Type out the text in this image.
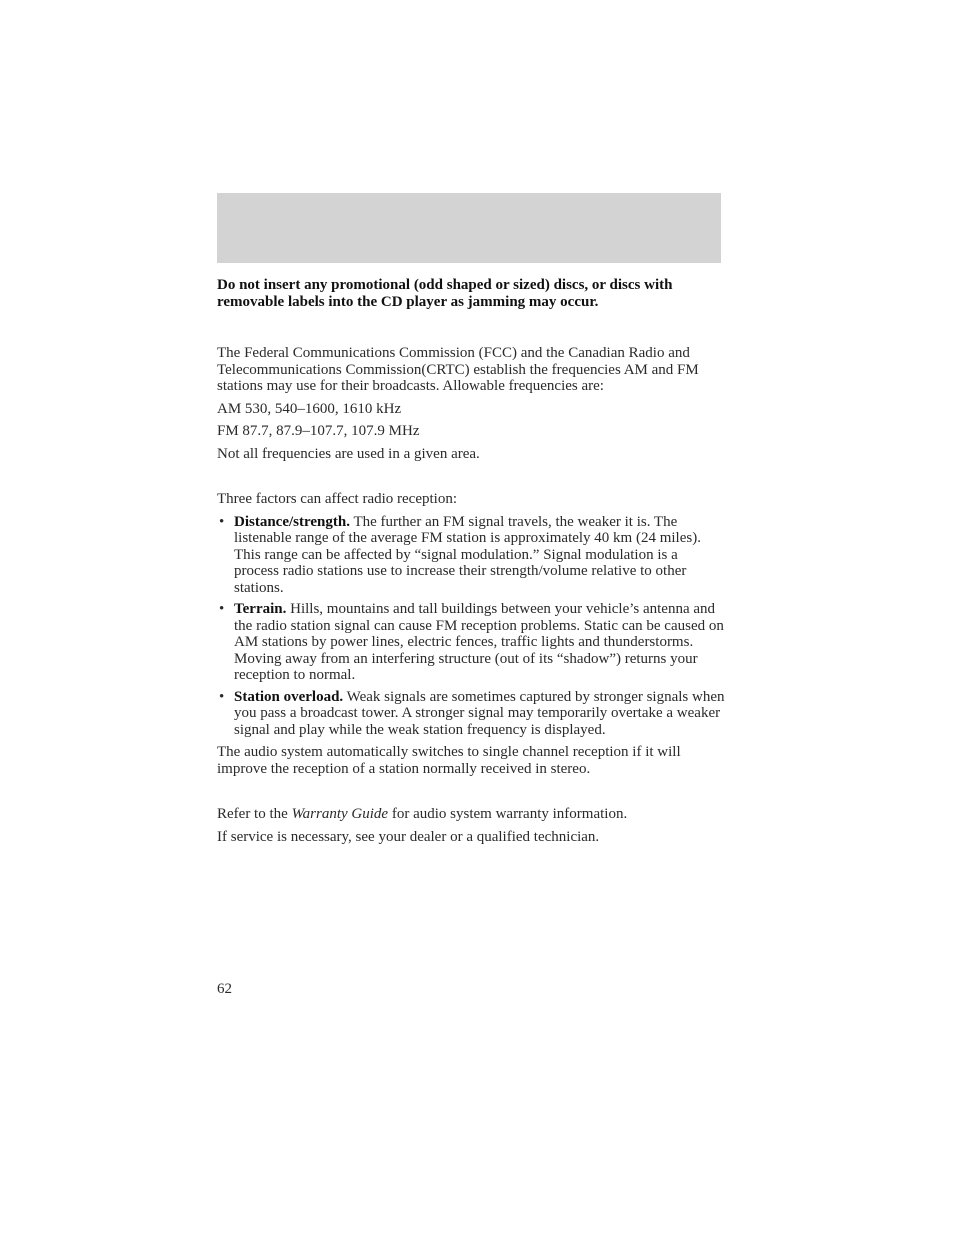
Do not insert any promotional (odd shaped or sized) discs, or discs with removable labels into the CD player as jamming may occur.

The Federal Communications Commission (FCC) and the Canadian Radio and Telecommunications Commission(CRTC) establish the frequencies AM and FM stations may use for their broadcasts. Allowable frequencies are:

AM 530, 540–1600, 1610 kHz

FM 87.7, 87.9–107.7, 107.9 MHz

Not all frequencies are used in a given area.

Three factors can affect radio reception:

• Distance/strength. The further an FM signal travels, the weaker it is. The listenable range of the average FM station is approximately 40 km (24 miles). This range can be affected by “signal modulation.” Signal modulation is a process radio stations use to increase their strength/volume relative to other stations.
• Terrain. Hills, mountains and tall buildings between your vehicle’s antenna and the radio station signal can cause FM reception problems. Static can be caused on AM stations by power lines, electric fences, traffic lights and thunderstorms. Moving away from an interfering structure (out of its “shadow”) returns your reception to normal.
• Station overload. Weak signals are sometimes captured by stronger signals when you pass a broadcast tower. A stronger signal may temporarily overtake a weaker signal and play while the weak station frequency is displayed.

The audio system automatically switches to single channel reception if it will improve the reception of a station normally received in stereo.

Refer to the Warranty Guide for audio system warranty information.

If service is necessary, see your dealer or a qualified technician.

62
